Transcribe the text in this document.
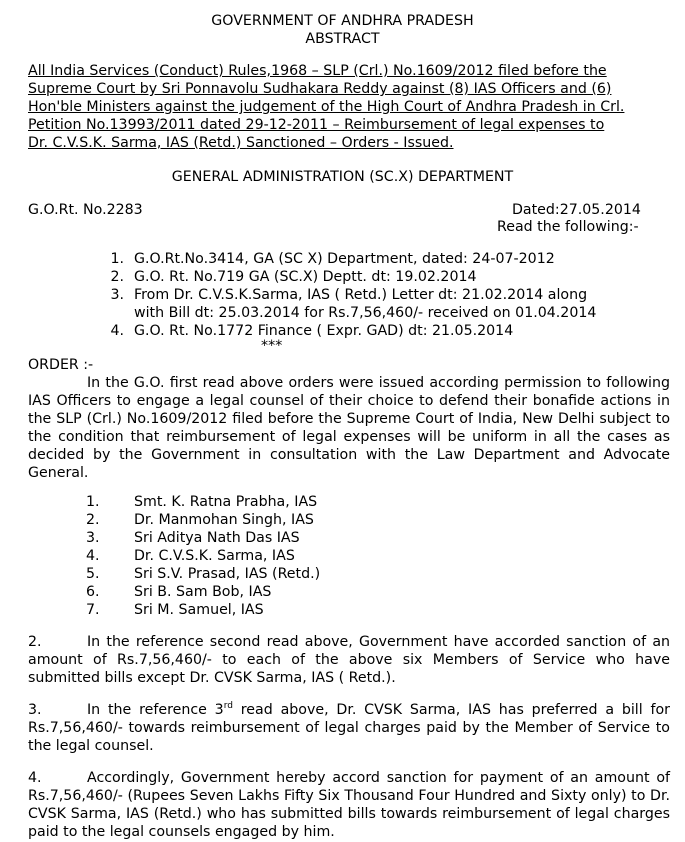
GOVERNMENT OF ANDHRA PRADESH
ABSTRACT
All India Services (Conduct) Rules,1968 – SLP (Crl.) No.1609/2012 filed before the
Supreme Court by Sri Ponnavolu Sudhakara Reddy against (8) IAS Officers and (6)
Hon'ble Ministers against the judgement of the High Court of Andhra Pradesh in Crl.
Petition No.13993/2011 dated 29-12-2011 – Reimbursement of legal expenses to
Dr. C.V.S.K. Sarma, IAS (Retd.) Sanctioned – Orders - Issued.
GENERAL ADMINISTRATION (SC.X) DEPARTMENT
G.O.Rt. No.2283	Dated:27.05.2014
Read the following:-
1. G.O.Rt.No.3414, GA (SC X) Department, dated: 24-07-2012
2. G.O. Rt. No.719 GA (SC.X) Deptt. dt: 19.02.2014
3. From Dr. C.V.S.K.Sarma, IAS ( Retd.) Letter dt: 21.02.2014 along
with Bill dt: 25.03.2014 for Rs.7,56,460/- received on 01.04.2014
4. G.O. Rt. No.1772 Finance ( Expr. GAD) dt: 21.05.2014
***
ORDER :-
In the G.O. first read above orders were issued according permission to following IAS Officers to engage a legal counsel of their choice to defend their bonafide actions in the SLP (Crl.) No.1609/2012 filed before the Supreme Court of India, New Delhi subject to the condition that reimbursement of legal expenses will be uniform in all the cases as decided by the Government in consultation with the Law Department and Advocate General.
1. Smt. K. Ratna Prabha, IAS
2. Dr. Manmohan Singh, IAS
3. Sri Aditya Nath Das IAS
4. Dr. C.V.S.K. Sarma, IAS
5. Sri S.V. Prasad, IAS (Retd.)
6. Sri B. Sam Bob, IAS
7. Sri M. Samuel, IAS
2.	In the reference second read above, Government have accorded sanction of an amount of Rs.7,56,460/- to each of the above six Members of Service who have submitted bills except Dr. CVSK Sarma, IAS ( Retd.).
3.	In the reference 3rd read above, Dr. CVSK Sarma, IAS has preferred a bill for Rs.7,56,460/- towards reimbursement of legal charges paid by the Member of Service to the legal counsel.
4.	Accordingly, Government hereby accord sanction for payment of an amount of Rs.7,56,460/- (Rupees Seven Lakhs Fifty Six Thousand Four Hundred and Sixty only) to Dr. CVSK Sarma, IAS (Retd.) who has submitted bills towards reimbursement of legal charges paid to the legal counsels engaged by him.
